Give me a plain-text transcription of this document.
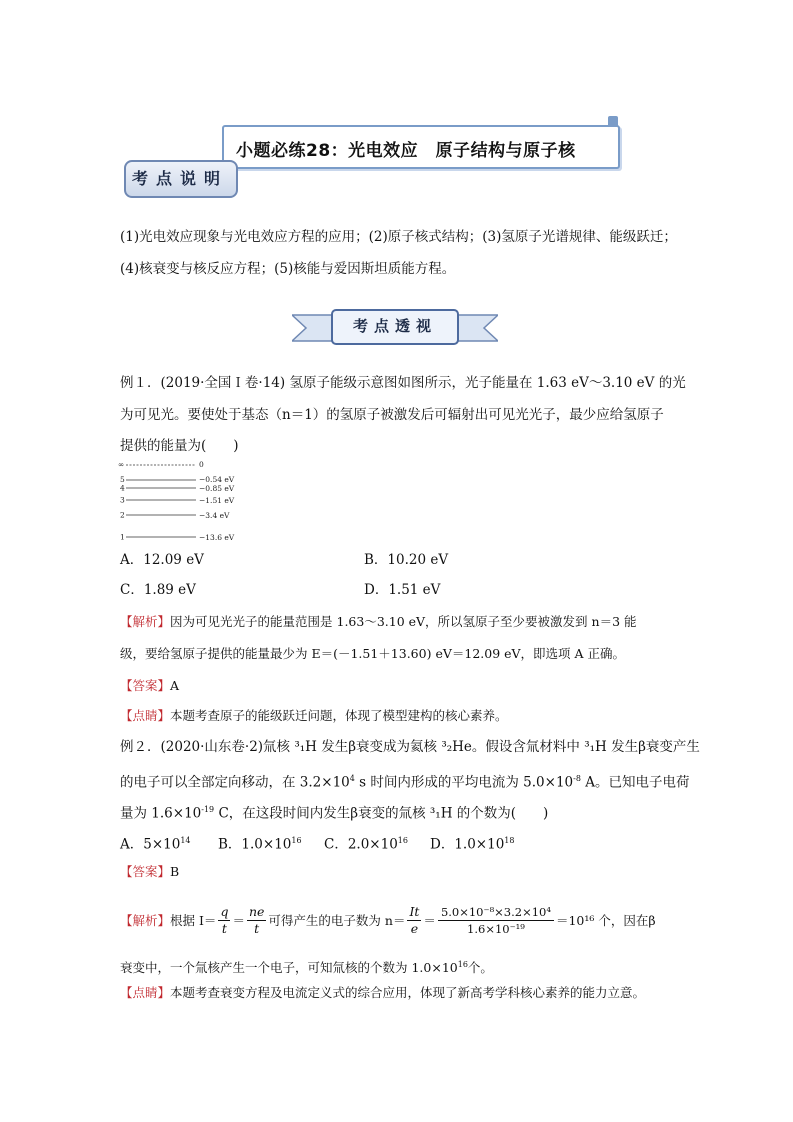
小题必练28：光电效应　原子结构与原子核
考点说明
(1)光电效应现象与光电效应方程的应用；(2)原子核式结构；(3)氢原子光谱规律、能级跃迁；
(4)核衰变与核反应方程；(5)核能与爱因斯坦质能方程。
考点透视
例１．(2019·全国Ｉ卷·14) 氢原子能级示意图如图所示，光子能量在 1.63 eV～3.10 eV 的光
为可见光。要使处于基态（n＝1）的氢原子被激发后可辐射出可见光光子，最少应给氢原子
提供的能量为(　　)
∞	0
5	−0.54 eV
4	−0.85 eV
3	−1.51 eV
2	−3.4 eV
1	−13.6 eV
A．12.09 eV	B．10.20 eV
C．1.89 eV	D．1.51 eV
【解析】因为可见光光子的能量范围是 1.63～3.10 eV，所以氢原子至少要被激发到 n＝3 能
级，要给氢原子提供的能量最少为 E＝(－1.51＋13.60) eV＝12.09 eV，即选项 A 正确。
【答案】A
【点睛】本题考查原子的能级跃迁问题，体现了模型建构的核心素养。
例２．(2020·山东卷·2)氚核 ³₁H 发生β衰变成为氦核 ³₂He。假设含氚材料中 ³₁H 发生β衰变产生
的电子可以全部定向移动，在 $3.2\times 10^4$ s 时间内形成的平均电流为 $5.0\times 10^{-8}$ A。已知电子电荷
量为 $1.6\times 10^{-19}$ C，在这段时间内发生β衰变的氚核 ³₁H 的个数为(　　)
A．$5\times 10^{14}$ B．$1.0\times 10^{16}$ C．$2.0\times 10^{16}$ D．$1.0\times 10^{18}$
【答案】B
【解析】 根据 $I= \frac{q}{t} = \frac{ne}{t}$ 可得产生的电子数为 $n= \frac{It}{e} = \frac{\text{5.0×10⁻⁸×3.2×10⁴}}{\text{1.6×10⁻¹⁹}} =10^{16}$ 个，因在β
衰变中，一个氚核产生一个电子，可知氚核的个数为 $1.0\times 10^{16}$个。
【点睛】本题考查衰变方程及电流定义式的综合应用，体现了新高考学科核心素养的能力立意。
